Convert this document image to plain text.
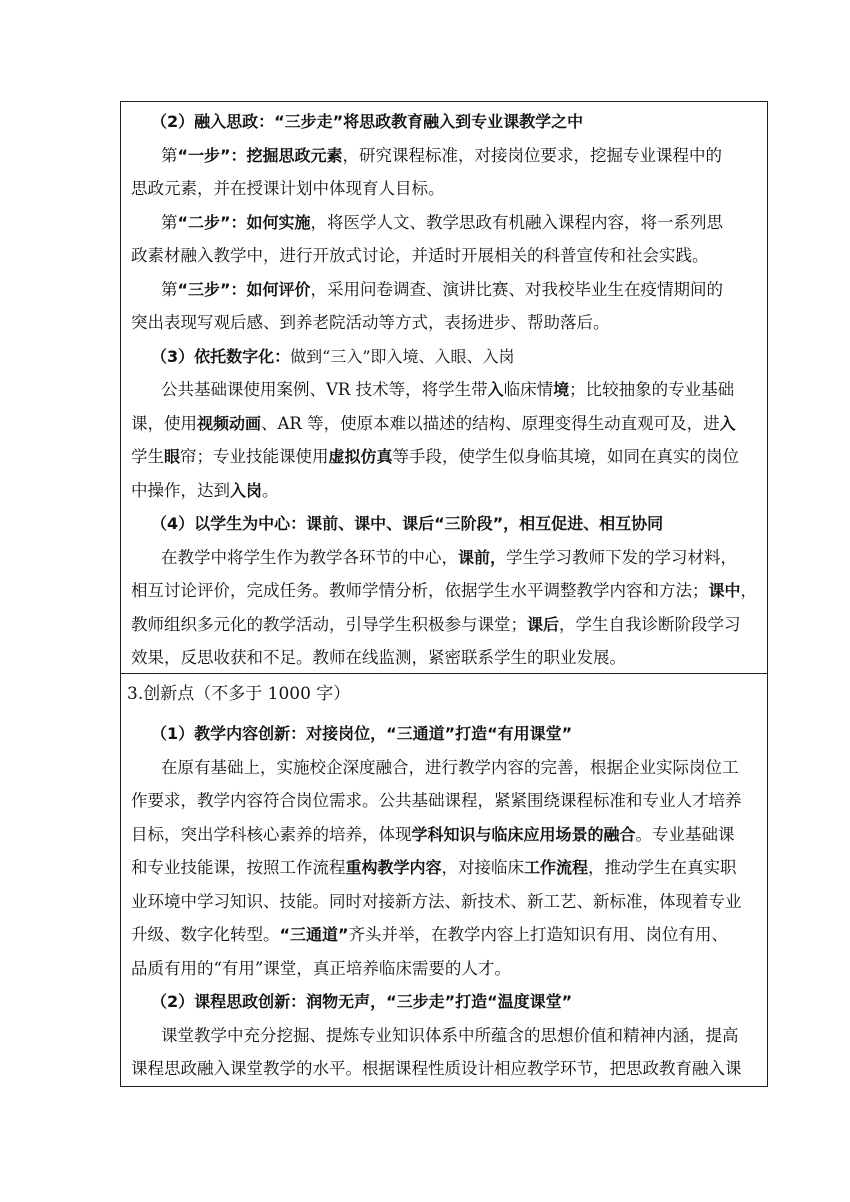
（2）融入思政：“三步走”将思政教育融入到专业课教学之中
第“一步”：挖掘思政元素，研究课程标准，对接岗位要求，挖掘专业课程中的
思政元素，并在授课计划中体现育人目标。
第“二步”：如何实施，将医学人文、教学思政有机融入课程内容，将一系列思
政素材融入教学中，进行开放式讨论，并适时开展相关的科普宣传和社会实践。
第“三步”：如何评价，采用问卷调查、演讲比赛、对我校毕业生在疫情期间的
突出表现写观后感、到养老院活动等方式，表扬进步、帮助落后。
（3）依托数字化：做到“三入”即入境、入眼、入岗
公共基础课使用案例、VR 技术等，将学生带入临床情境；比较抽象的专业基础
课，使用视频动画、AR 等，使原本难以描述的结构、原理变得生动直观可及，进入
学生眼帘；专业技能课使用虚拟仿真等手段，使学生似身临其境，如同在真实的岗位
中操作，达到入岗。
（4）以学生为中心：课前、课中、课后“三阶段”，相互促进、相互协同
在教学中将学生作为教学各环节的中心，课前，学生学习教师下发的学习材料，
相互讨论评价，完成任务。教师学情分析，依据学生水平调整教学内容和方法；课中，
教师组织多元化的教学活动，引导学生积极参与课堂；课后，学生自我诊断阶段学习
效果，反思收获和不足。教师在线监测，紧密联系学生的职业发展。
3.创新点（不多于 1000 字）
（1）教学内容创新：对接岗位，“三通道”打造“有用课堂”
在原有基础上，实施校企深度融合，进行教学内容的完善，根据企业实际岗位工
作要求，教学内容符合岗位需求。公共基础课程，紧紧围绕课程标准和专业人才培养
目标，突出学科核心素养的培养，体现学科知识与临床应用场景的融合。专业基础课
和专业技能课，按照工作流程重构教学内容，对接临床工作流程，推动学生在真实职
业环境中学习知识、技能。同时对接新方法、新技术、新工艺、新标准，体现着专业
升级、数字化转型。“三通道”齐头并举，在教学内容上打造知识有用、岗位有用、
品质有用的“有用”课堂，真正培养临床需要的人才。
（2）课程思政创新：润物无声，“三步走”打造“温度课堂”
课堂教学中充分挖掘、提炼专业知识体系中所蕴含的思想价值和精神内涵，提高
课程思政融入课堂教学的水平。根据课程性质设计相应教学环节，把思政教育融入课
